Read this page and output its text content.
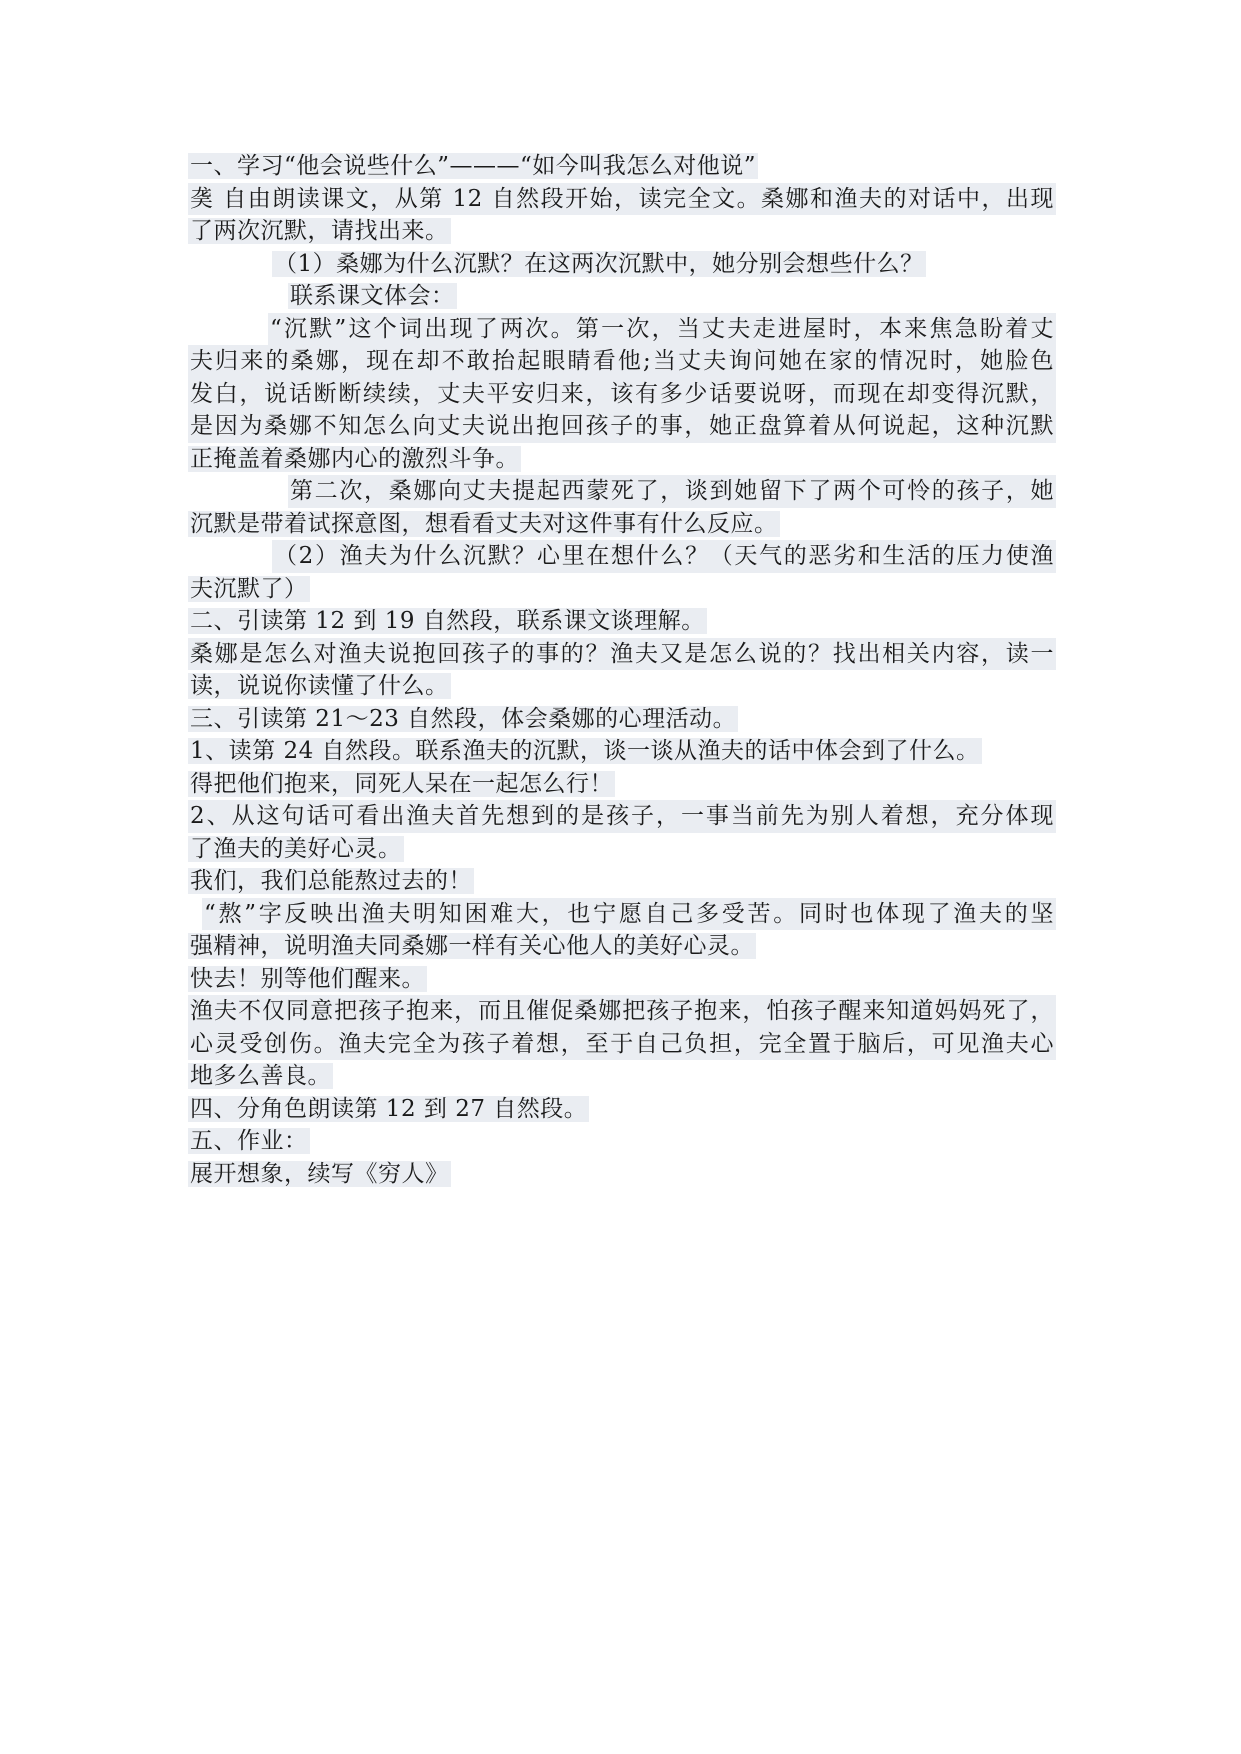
一、学习“他会说些什么”———“如今叫我怎么对他说”
䶮 自由朗读课文，从第 12 自然段开始，读完全文。桑娜和渔夫的对话中，出现
了两次沉默，请找出来。
（1）桑娜为什么沉默？在这两次沉默中，她分别会想些什么？
联系课文体会：
“沉默”这个词出现了两次。第一次，当丈夫走进屋时，本来焦急盼着丈
夫归来的桑娜，现在却不敢抬起眼睛看他;当丈夫询问她在家的情况时，她脸色
发白，说话断断续续，丈夫平安归来，该有多少话要说呀，而现在却变得沉默，
是因为桑娜不知怎么向丈夫说出抱回孩子的事，她正盘算着从何说起，这种沉默
正掩盖着桑娜内心的激烈斗争。
第二次，桑娜向丈夫提起西蒙死了，谈到她留下了两个可怜的孩子，她
沉默是带着试探意图，想看看丈夫对这件事有什么反应。
（2）渔夫为什么沉默？心里在想什么？（天气的恶劣和生活的压力使渔
夫沉默了）
二、引读第 12 到 19 自然段，联系课文谈理解。
桑娜是怎么对渔夫说抱回孩子的事的？渔夫又是怎么说的？找出相关内容，读一
读，说说你读懂了什么。
三、引读第 21～23 自然段，体会桑娜的心理活动。
1、读第 24 自然段。联系渔夫的沉默，谈一谈从渔夫的话中体会到了什么。
得把他们抱来，同死人呆在一起怎么行！
2、从这句话可看出渔夫首先想到的是孩子，一事当前先为别人着想，充分体现
了渔夫的美好心灵。
我们，我们总能熬过去的！
“熬”字反映出渔夫明知困难大，也宁愿自己多受苦。同时也体现了渔夫的坚
强精神，说明渔夫同桑娜一样有关心他人的美好心灵。
快去！别等他们醒来。
渔夫不仅同意把孩子抱来，而且催促桑娜把孩子抱来，怕孩子醒来知道妈妈死了，
心灵受创伤。渔夫完全为孩子着想，至于自己负担，完全置于脑后，可见渔夫心
地多么善良。
四、分角色朗读第 12 到 27 自然段。
五、作业：
展开想象，续写《穷人》
